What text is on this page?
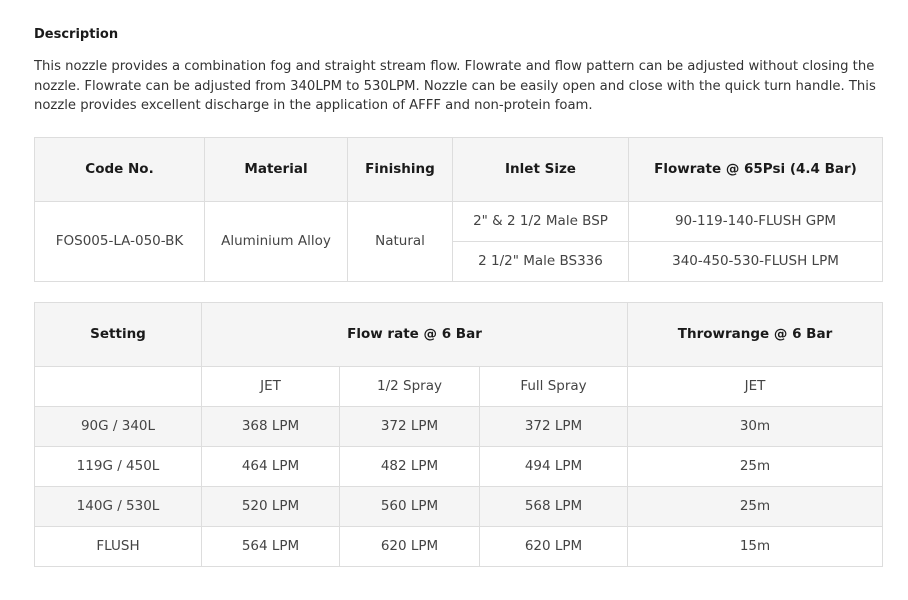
Description

This nozzle provides a combination fog and straight stream flow. Flowrate and flow pattern can be adjusted without closing the nozzle. Flowrate can be adjusted from 340LPM to 530LPM. Nozzle can be easily open and close with the quick turn handle. This nozzle provides excellent discharge in the application of AFFF and non-protein foam.

Code No.	Material	Finishing	Inlet Size	Flowrate @ 65Psi (4.4 Bar)
FOS005-LA-050-BK	Aluminium Alloy	Natural	2" & 2 1/2 Male BSP	90-119-140-FLUSH GPM
			2 1/2" Male BS336	340-450-530-FLUSH LPM
Setting	Flow rate @ 6 Bar			Throwrange @ 6 Bar
	JET	1/2 Spray	Full Spray	JET
90G / 340L	368 LPM	372 LPM	372 LPM	30m
119G / 450L	464 LPM	482 LPM	494 LPM	25m
140G / 530L	520 LPM	560 LPM	568 LPM	25m
FLUSH	564 LPM	620 LPM	620 LPM	15m
